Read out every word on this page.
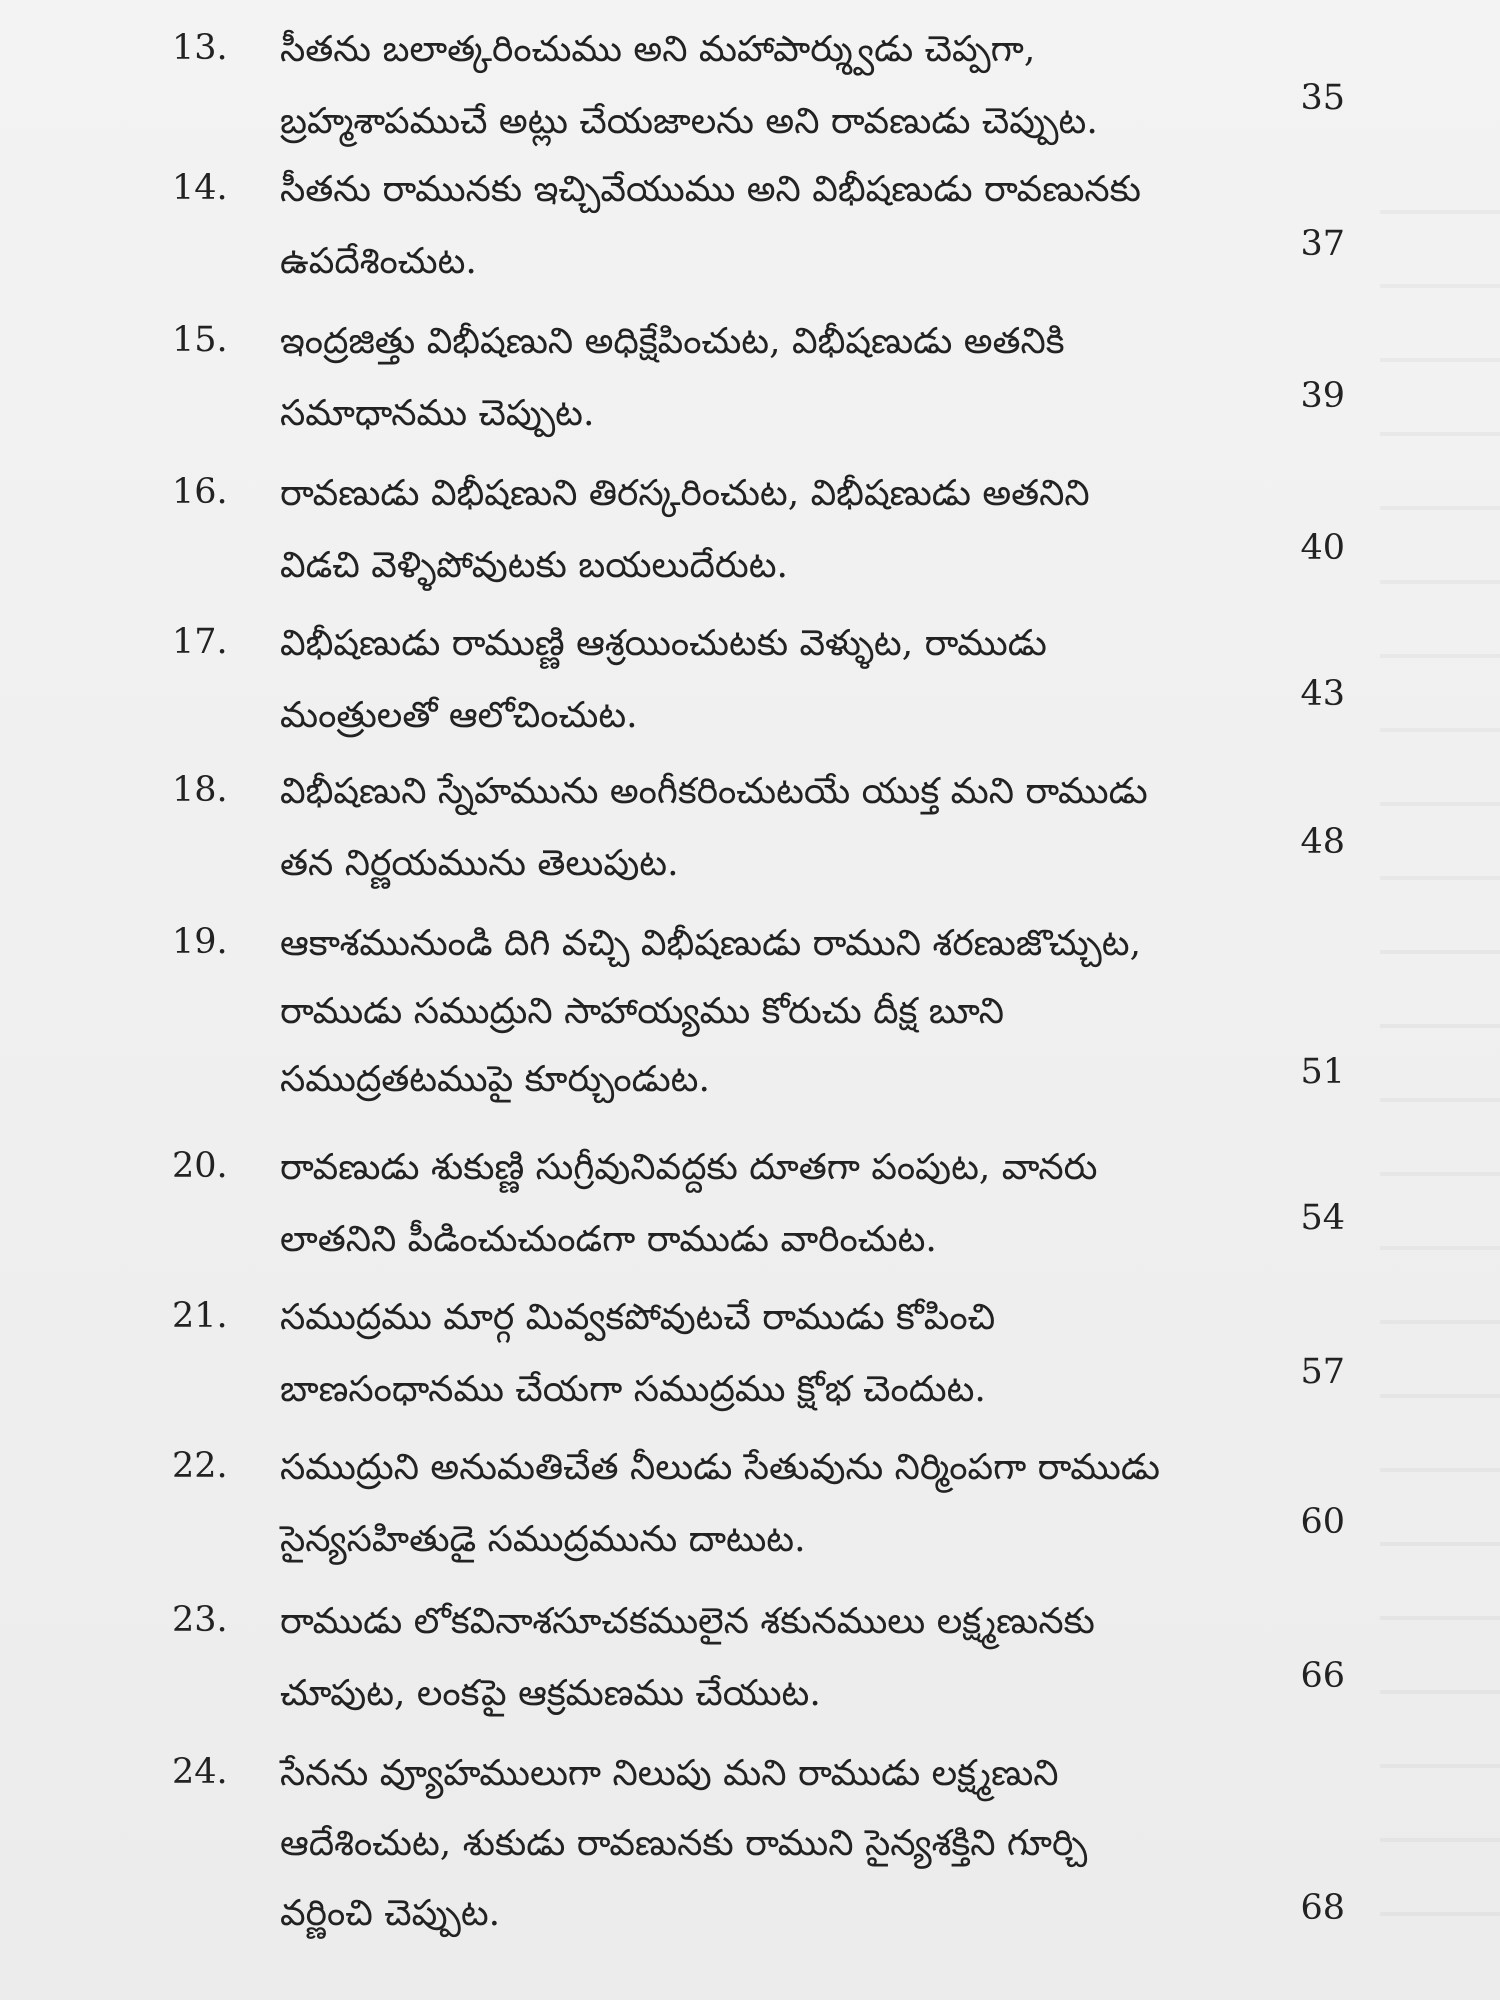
13. సీతను బలాత్కరించుము అని మహాపార్శ్వుడు చెప్పగా,
బ్రహ్మశాపముచే అట్లు చేయజాలను అని రావణుడు చెప్పుట.
35
14. సీతను రామునకు ఇచ్చివేయుము అని విభీషణుడు రావణునకు
ఉపదేశించుట.	37
15. ఇంద్రజిత్తు విభీషణుని అధిక్షేపించుట, విభీషణుడు అతనికి
సమాధానము చెప్పుట.	39
16. రావణుడు విభీషణుని తిరస్కరించుట, విభీషణుడు అతనిని
విడచి వెళ్ళిపోవుటకు బయలుదేరుట.	40
17. విభీషణుడు రాముణ్ణి ఆశ్రయించుటకు వెళ్ళుట, రాముడు
మంత్రులతో ఆలోచించుట.
43
18. విభీషణుని స్నేహమును అంగీకరించుటయే యుక్త మని రాముడు
తన నిర్ణయమును తెలుపుట.
48
19. ఆకాశమునుండి దిగి వచ్చి విభీషణుడు రాముని శరణుజొచ్చుట,
రాముడు సముద్రుని సాహాయ్యము కోరుచు దీక్ష బూని
సముద్రతటముపై కూర్చుండుట.	51
20. రావణుడు శుకుణ్ణి సుగ్రీవునివద్దకు దూతగా పంపుట, వానరు
లాతనిని పీడించుచుండగా రాముడు వారించుట.
54
21. సముద్రము మార్గ మివ్వకపోవుటచే రాముడు కోపించి
బాణసంధానము చేయగా సముద్రము క్షోభ చెందుట.	57
22. సముద్రుని అనుమతిచేత నీలుడు సేతువును నిర్మింపగా రాముడు
సైన్యసహితుడై సముద్రమును దాటుట.	60
23. రాముడు లోకవినాశసూచకములైన శకునములు లక్ష్మణునకు
చూపుట, లంకపై ఆక్రమణము చేయుట.	66
24. సేనను వ్యూహములుగా నిలుపు మని రాముడు లక్ష్మణుని
ఆదేశించుట, శుకుడు రావణునకు రాముని సైన్యశక్తిని గూర్చి
వర్ణించి చెప్పుట.	68
